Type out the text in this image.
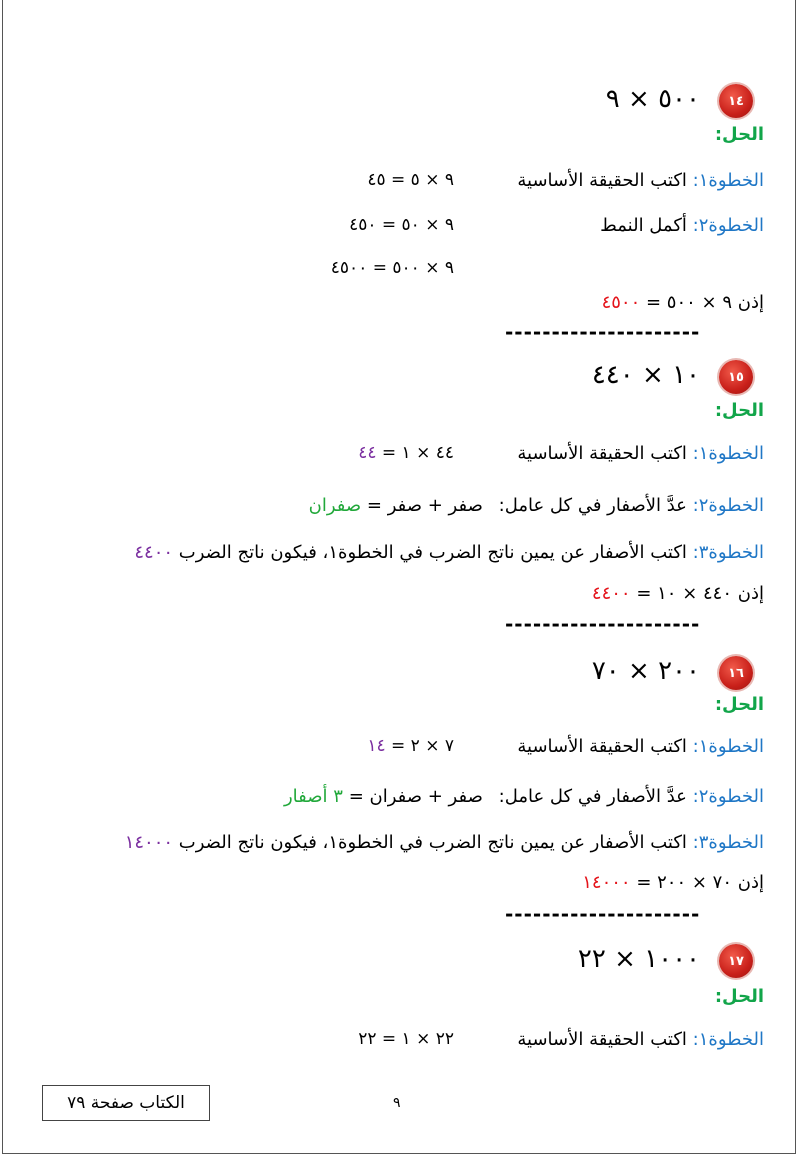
١٤
٥٠٠ × ٩
الحل:
الخطوة١: اكتب الحقيقة الأساسية
٩ × ٥ = ٤٥
الخطوة٢: أكمل النمط
٩ × ٥٠ = ٤٥٠
٩ × ٥٠٠ = ٤٥٠٠
إذن ٩ × ٥٠٠ = ٤٥٠٠
---------------------
١٥
١٠ × ٤٤٠
الحل:
الخطوة١: اكتب الحقيقة الأساسية
٤٤ × ١ = ٤٤
الخطوة٢: عدَّ الأصفار في كل عامل: صفر + صفر = صفران
الخطوة٣: اكتب الأصفار عن يمين ناتج الضرب في الخطوة١، فيكون ناتج الضرب ٤٤٠٠
إذن ٤٤٠ × ١٠ = ٤٤٠٠
---------------------
١٦
٢٠٠ × ٧٠
الحل:
الخطوة١: اكتب الحقيقة الأساسية
٧ × ٢ = ١٤
الخطوة٢: عدَّ الأصفار في كل عامل: صفر + صفران = ٣ أصفار
الخطوة٣: اكتب الأصفار عن يمين ناتج الضرب في الخطوة١، فيكون ناتج الضرب ١٤٠٠٠
إذن ٧٠ × ٢٠٠ = ١٤٠٠٠
---------------------
١٧
١٠٠٠ × ٢٢
الحل:
الخطوة١: اكتب الحقيقة الأساسية
٢٢ × ١ = ٢٢
الكتاب صفحة ٧٩	٩
